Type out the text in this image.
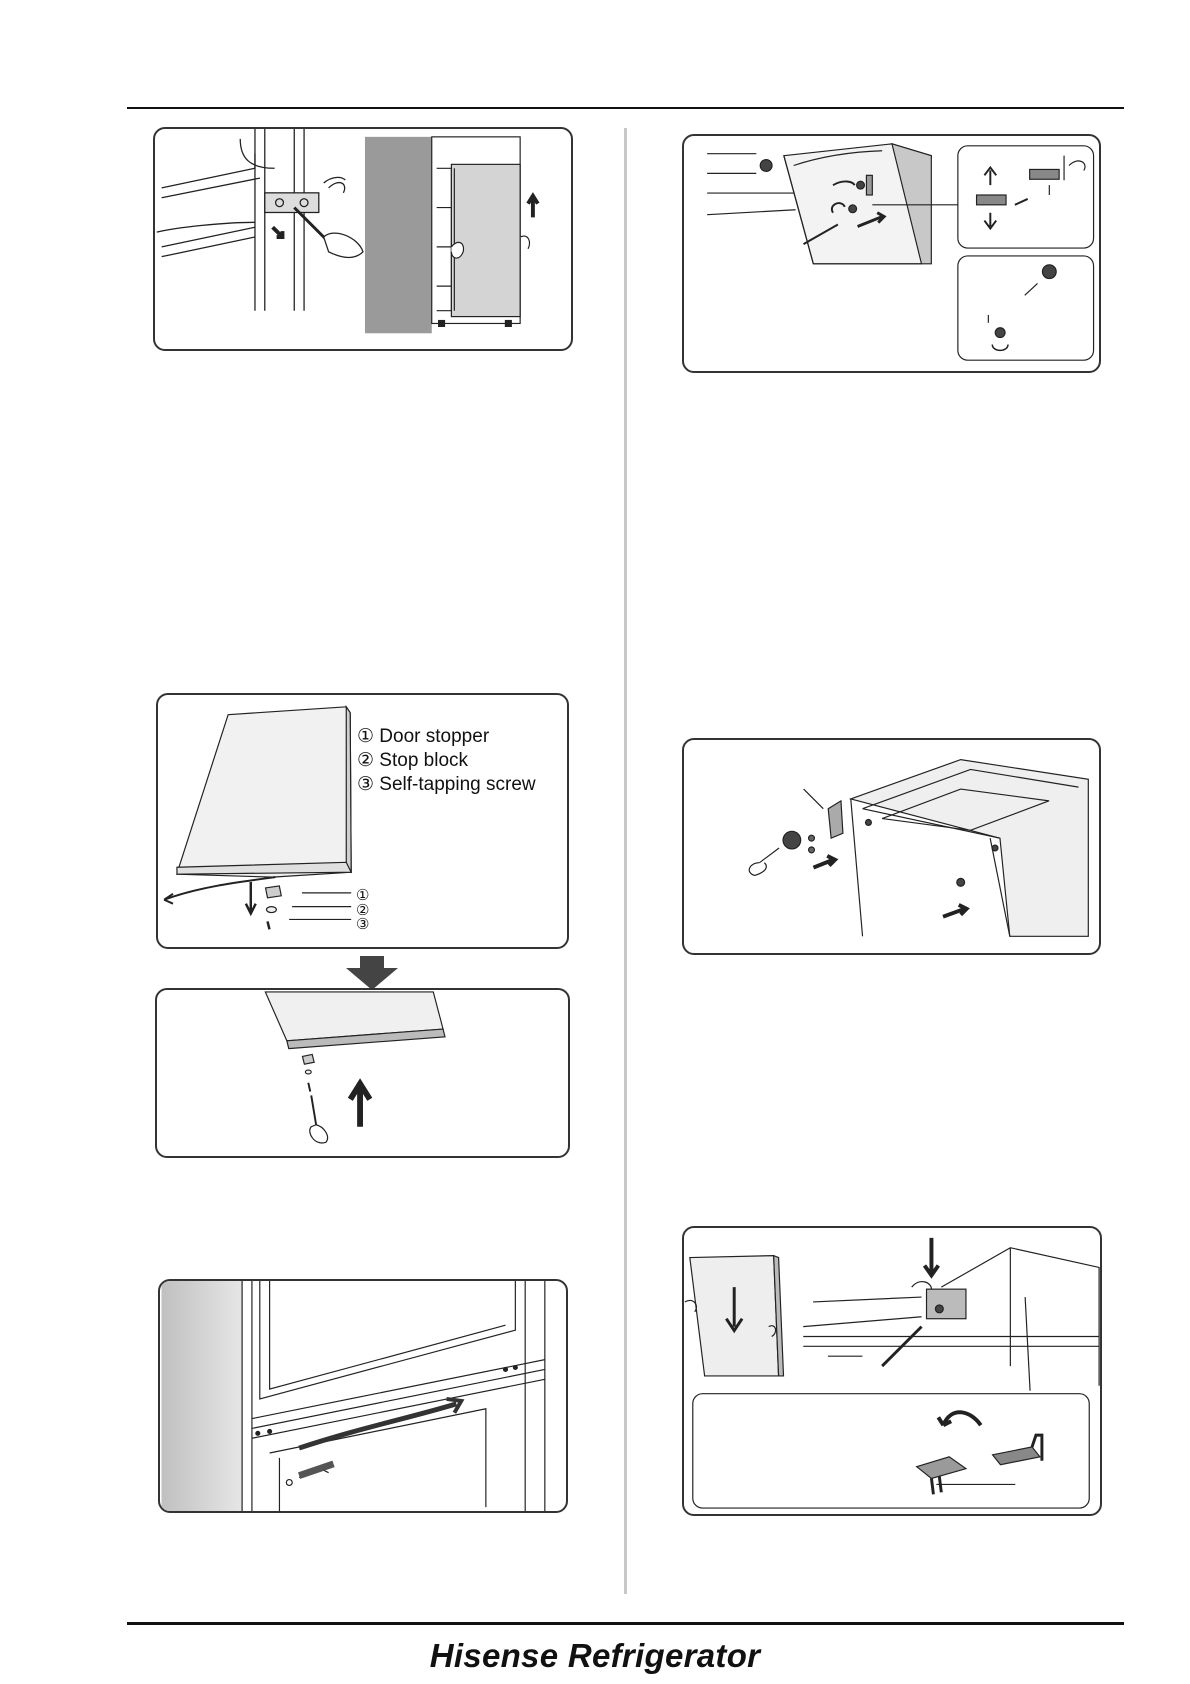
① Door stopper
② Stop block
③ Self-tapping screw
①
②
③
Hisense Refrigerator
